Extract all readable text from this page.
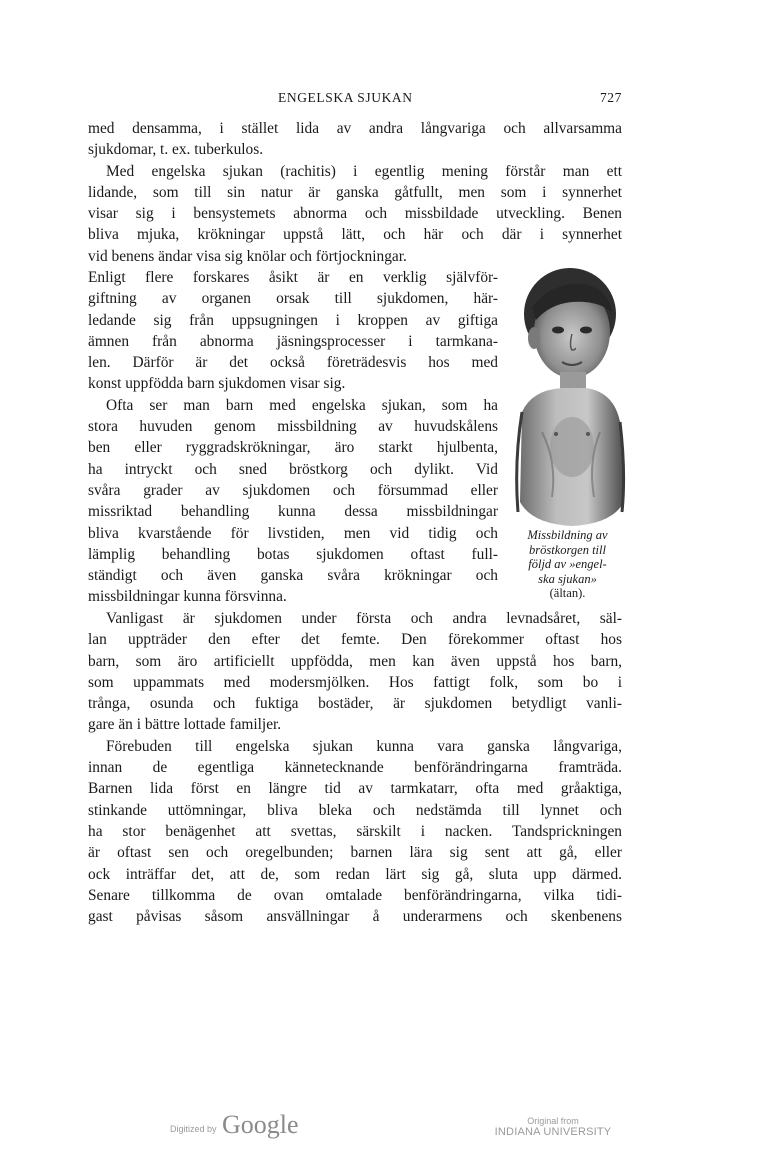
ENGELSKA SJUKAN	727
med densamma, i stället lida av andra långvariga och allvarsamma
sjukdomar, t. ex. tuberkulos.
Med engelska sjukan (rachitis) i egentlig mening förstår man ett
lidande, som till sin natur är ganska gåtfullt, men som i synnerhet
visar sig i bensystemets abnorma och missbildade utveckling. Benen
bliva mjuka, krökningar uppstå lätt, och här och där i synnerhet
vid benens ändar visa sig knölar och förtjockningar.
Enligt flere forskares åsikt är en verklig självför-
giftning av organen orsak till sjukdomen, här-
ledande sig från uppsugningen i kroppen av giftiga
ämnen från abnorma jäsningsprocesser i tarmkana-
len. Därför är det också företrädesvis hos med
konst uppfödda barn sjukdomen visar sig.
Ofta ser man barn med engelska sjukan, som ha
stora huvuden genom missbildning av huvudskålens
ben eller ryggradskrökningar, äro starkt hjulbenta,
ha intryckt och sned bröstkorg och dylikt. Vid
svåra grader av sjukdomen och försummad eller
missriktad behandling kunna dessa missbildningar
bliva kvarstående för livstiden, men vid tidig och
lämplig behandling botas sjukdomen oftast full-
ständigt och även ganska svåra krökningar och
missbildningar kunna försvinna.
Missbildning av
bröstkorgen till
följd av »engel-
ska sjukan»
(ältan).
Vanligast är sjukdomen under första och andra levnadsåret, säl-
lan uppträder den efter det femte. Den förekommer oftast hos
barn, som äro artificiellt uppfödda, men kan även uppstå hos barn,
som uppammats med modersmjölken. Hos fattigt folk, som bo i
trånga, osunda och fuktiga bostäder, är sjukdomen betydligt vanli-
gare än i bättre lottade familjer.
Förebuden till engelska sjukan kunna vara ganska långvariga,
innan de egentliga kännetecknande benförändringarna framträda.
Barnen lida först en längre tid av tarmkatarr, ofta med gråaktiga,
stinkande uttömningar, bliva bleka och nedstämda till lynnet och
ha stor benägenhet att svettas, särskilt i nacken. Tandsprickningen
är oftast sen och oregelbunden; barnen lära sig sent att gå, eller
ock inträffar det, att de, som redan lärt sig gå, sluta upp därmed.
Senare tillkomma de ovan omtalade benförändringarna, vilka tidi-
gast påvisas såsom ansvällningar å underarmens och skenbenens
Digitized by Google	Original from
INDIANA UNIVERSITY
